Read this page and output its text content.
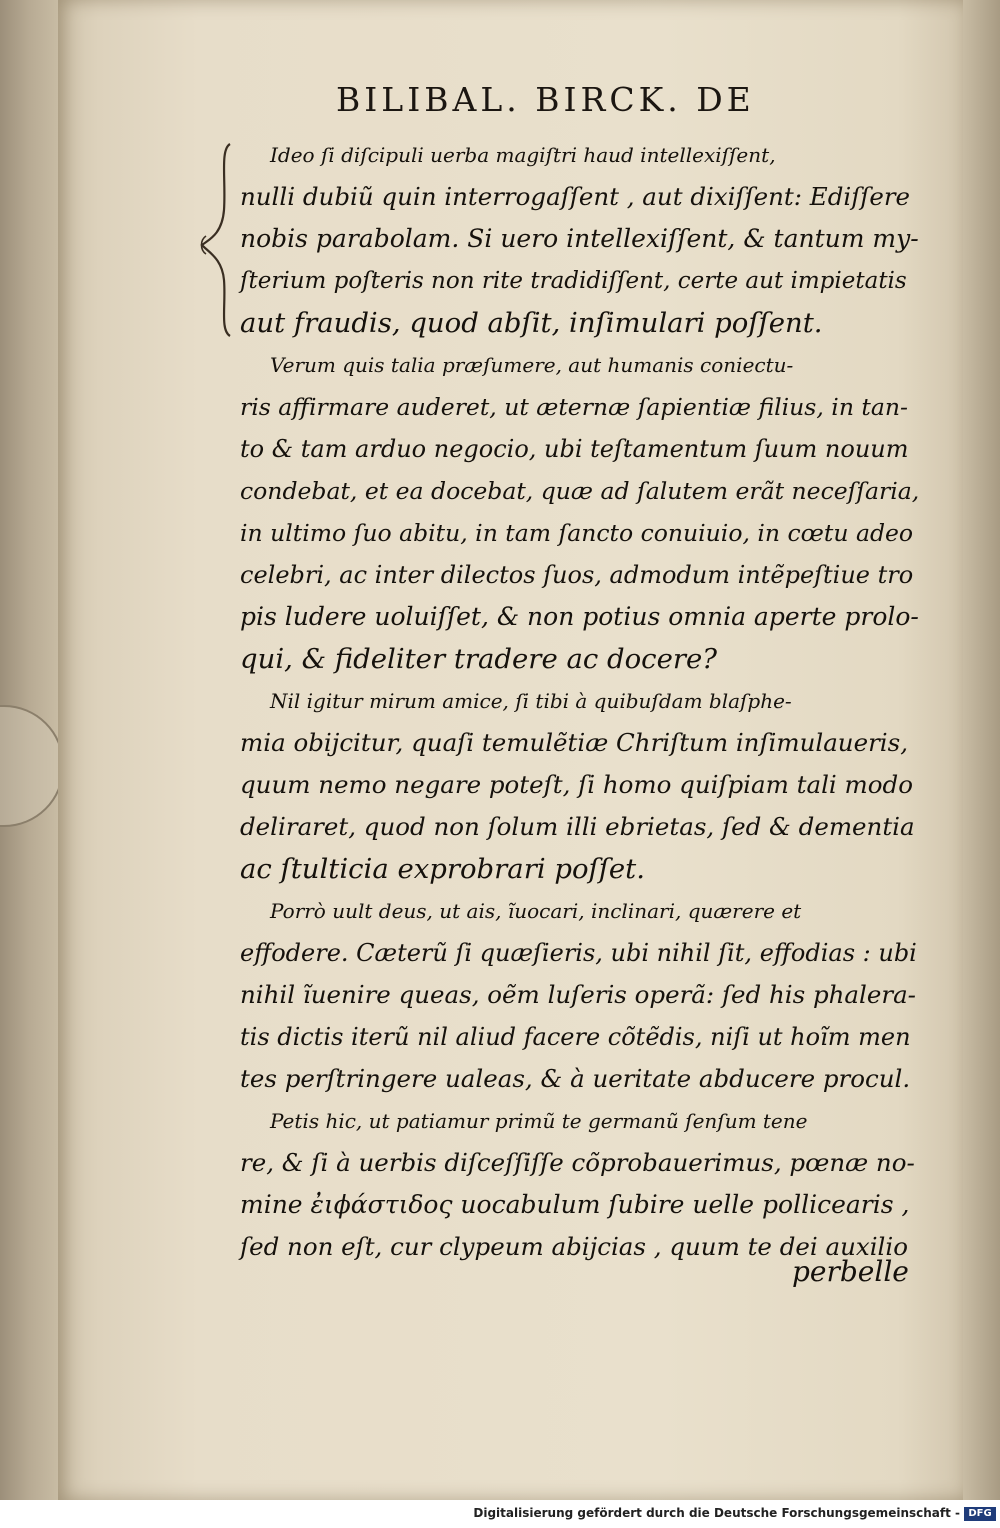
BILIBAL. BIRCK. DE
Ideo ſi diſcipuli uerba magiſtri haud intellexiſſent,
nulli dubiũ quin interrogaſſent , aut dixiſſent: Ediſſere
nobis parabolam. Si uero intellexiſſent, & tantum my-
ſterium poſteris non rite tradidiſſent, certe aut impietatis
aut fraudis, quod abſit, inſimulari poſſent.
Verum quis talia præſumere, aut humanis coniectu-
ris affirmare auderet, ut æternæ ſapientiæ filius, in tan-
to & tam arduo negocio, ubi teſtamentum ſuum nouum
condebat, et ea docebat, quæ ad ſalutem erãt neceſſaria,
in ultimo ſuo abitu, in tam ſancto conuiuio, in cœtu adeo
celebri, ac inter dilectos ſuos, admodum intẽpeſtiue tro
pis ludere uoluiſſet, & non potius omnia aperte prolo-
qui, & fideliter tradere ac docere?
Nil igitur mirum amice, ſi tibi à quibuſdam blaſphe-
mia obijcitur, quaſi temulẽtiæ Chriſtum inſimulaueris,
quum nemo negare poteſt, ſi homo quiſpiam tali modo
deliraret, quod non ſolum illi ebrietas, ſed & dementia
ac ſtulticia exprobrari poſſet.
Porrò uult deus, ut ais, ĩuocari, inclinari, quærere et
effodere. Cæterũ ſi quæſieris, ubi nihil ſit, effodias : ubi
nihil ĩuenire queas, oẽm luſeris operã: ſed his phalera-
tis dictis iterũ nil aliud facere cõtẽdis, niſi ut hoĩm men
tes perſtringere ualeas, & à ueritate abducere procul.
Petis hic, ut patiamur primũ te germanũ ſenſum tene
re, & ſi à uerbis diſceſſiſſe cõprobauerimus, pœnæ no-
mine ἐιϕάστιδος uocabulum ſubire uelle pollicearis ,
ſed non eſt, cur clypeum abijcias , quum te dei auxilio
perbelle
Digitalisierung gefördert durch die Deutsche Forschungsgemeinschaft - DFG
